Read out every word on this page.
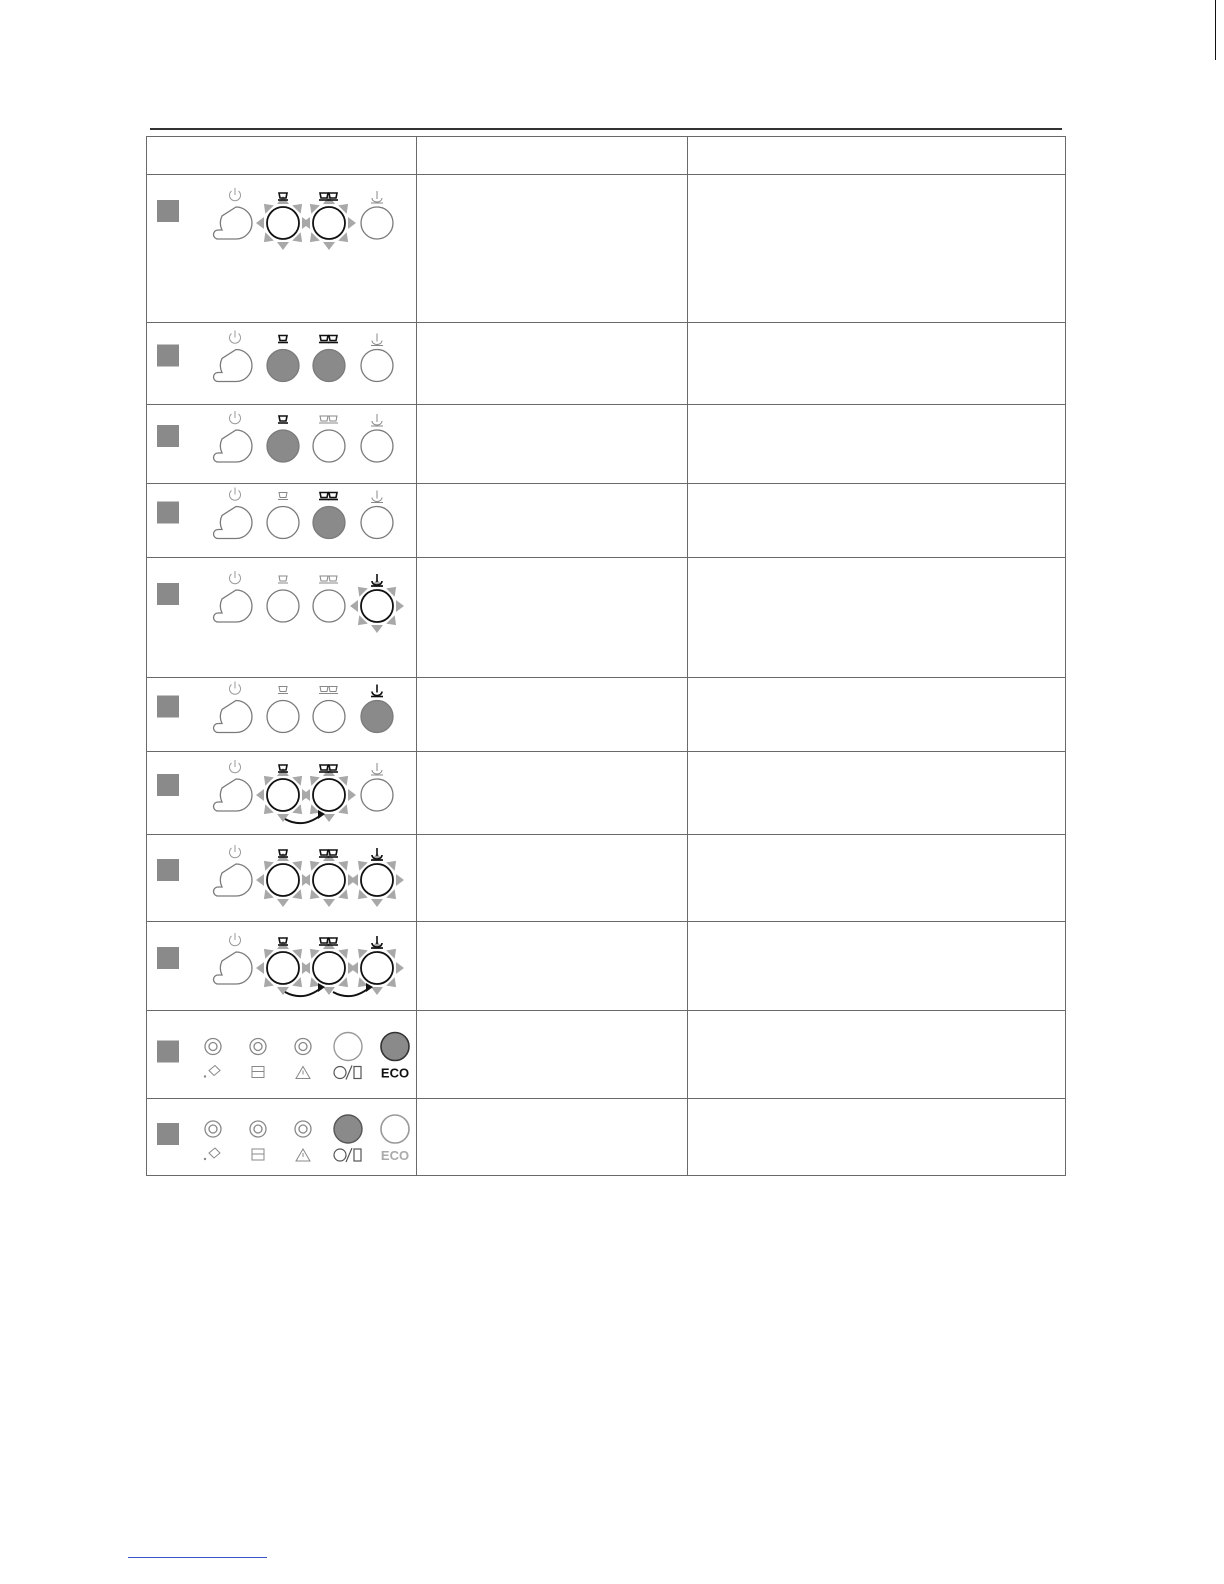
ECO		

ECO		
